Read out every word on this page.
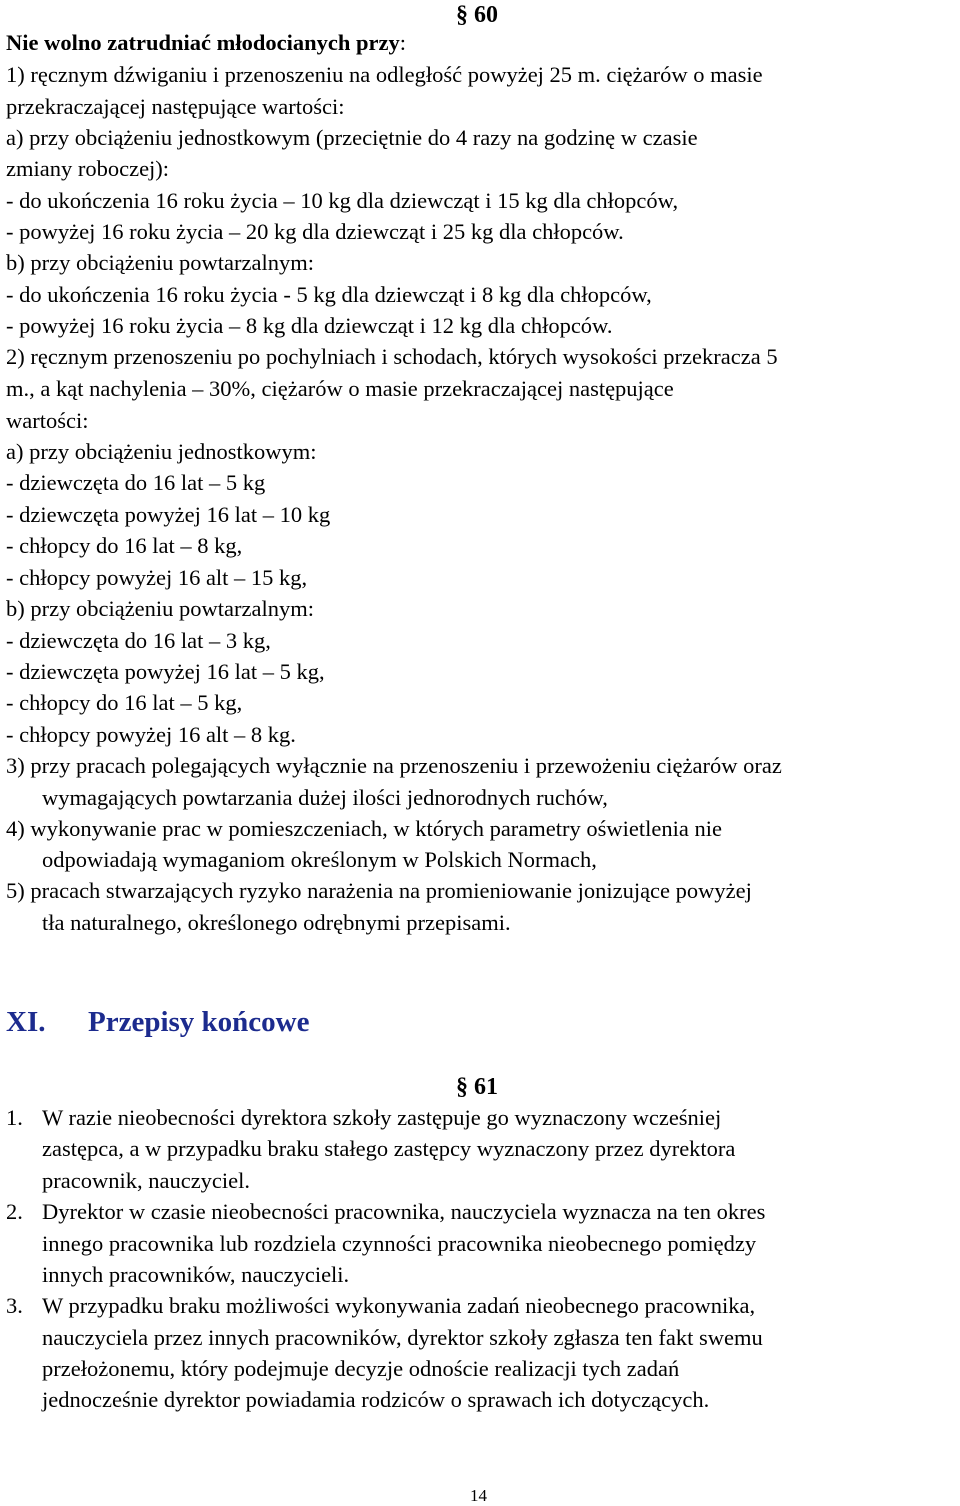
§ 60
Nie wolno zatrudniać młodocianych przy:
1) ręcznym dźwiganiu i przenoszeniu na odległość powyżej 25 m. ciężarów o masie
przekraczającej następujące wartości:
a) przy obciążeniu jednostkowym (przeciętnie do 4 razy na godzinę w czasie
zmiany roboczej):
- do ukończenia 16 roku życia – 10 kg dla dziewcząt i 15 kg dla chłopców,
- powyżej 16 roku życia – 20 kg dla dziewcząt i 25 kg dla chłopców.
b) przy obciążeniu powtarzalnym:
- do ukończenia 16 roku życia - 5 kg dla dziewcząt i 8 kg dla chłopców,
- powyżej 16 roku życia – 8 kg dla dziewcząt i 12 kg dla chłopców.
2) ręcznym przenoszeniu po pochylniach i schodach, których wysokości przekracza 5
m., a kąt nachylenia – 30%, ciężarów o masie przekraczającej następujące
wartości:
a) przy obciążeniu jednostkowym:
- dziewczęta do 16 lat – 5 kg
- dziewczęta powyżej 16 lat – 10 kg
- chłopcy do 16 lat – 8 kg,
- chłopcy powyżej 16 alt – 15 kg,
b) przy obciążeniu powtarzalnym:
- dziewczęta do 16 lat – 3 kg,
- dziewczęta powyżej 16 lat – 5 kg,
- chłopcy do 16 lat – 5 kg,
- chłopcy powyżej 16 alt – 8 kg.
3) przy pracach polegających wyłącznie na przenoszeniu i przewożeniu ciężarów oraz
wymagających powtarzania dużej ilości jednorodnych ruchów,
4) wykonywanie prac w pomieszczeniach, w których parametry oświetlenia nie
odpowiadają wymaganiom określonym w Polskich Normach,
5) pracach stwarzających ryzyko narażenia na promieniowanie jonizujące powyżej
tła naturalnego, określonego odrębnymi przepisami.
XI. Przepisy końcowe
§ 61
1. W razie nieobecności dyrektora szkoły zastępuje go wyznaczony wcześniej
zastępca, a w przypadku braku stałego zastępcy wyznaczony przez dyrektora
pracownik, nauczyciel.
2. Dyrektor w czasie nieobecności pracownika, nauczyciela wyznacza na ten okres
innego pracownika lub rozdziela czynności pracownika nieobecnego pomiędzy
innych pracowników, nauczycieli.
3. W przypadku braku możliwości wykonywania zadań nieobecnego pracownika,
nauczyciela przez innych pracowników, dyrektor szkoły zgłasza ten fakt swemu
przełożonemu, który podejmuje decyzje odnoście realizacji tych zadań
jednocześnie dyrektor powiadamia rodziców o sprawach ich dotyczących.
14
